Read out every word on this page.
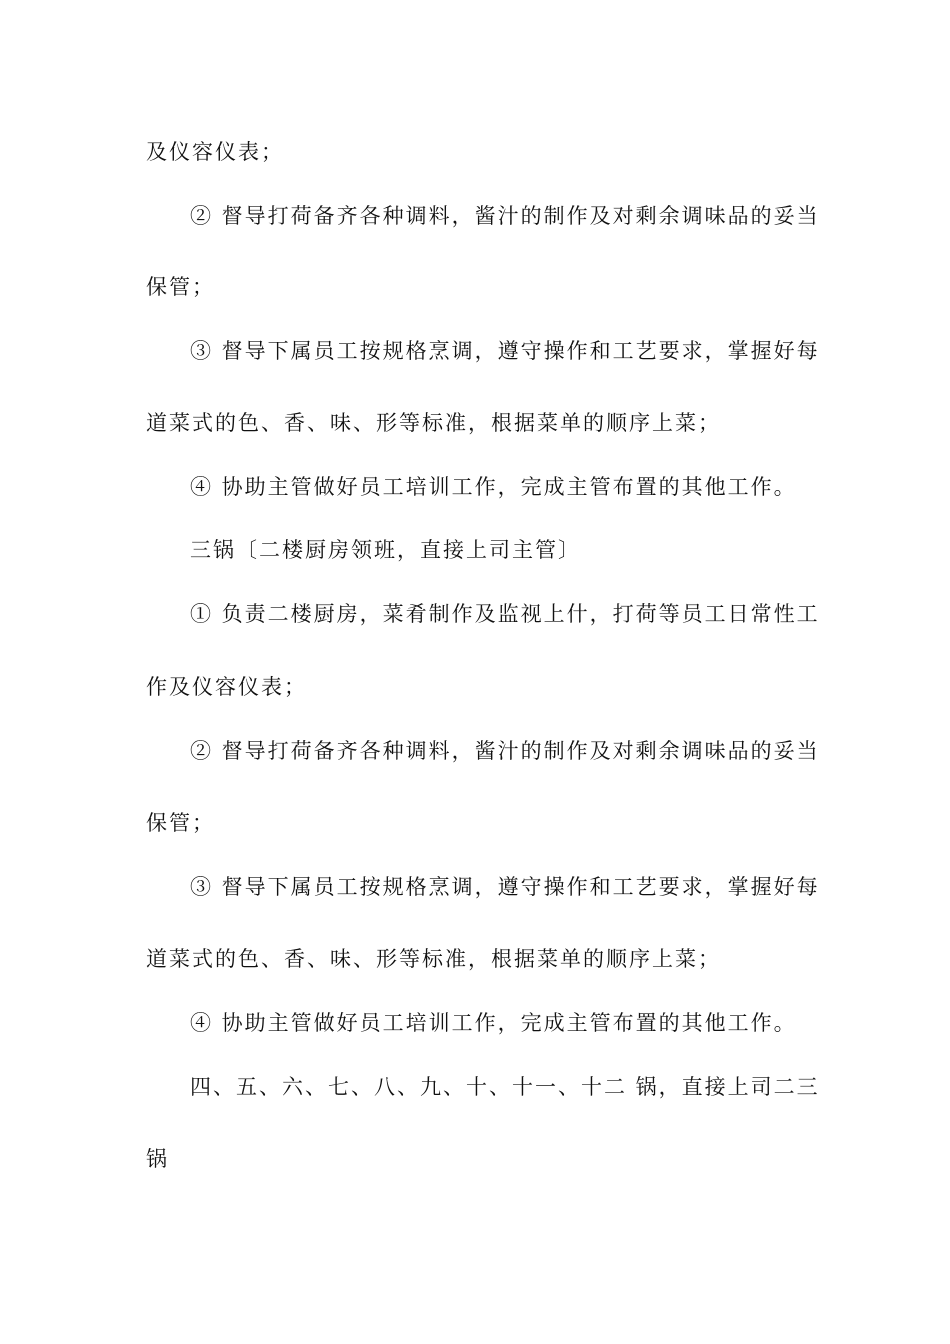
及仪容仪表；
② 督导打荷备齐各种调料，酱汁的制作及对剩余调味品的妥当
保管；
③ 督导下属员工按规格烹调，遵守操作和工艺要求，掌握好每
道菜式的色、香、味、形等标准，根据菜单的顺序上菜；
④ 协助主管做好员工培训工作，完成主管布置的其他工作。
三锅〔二楼厨房领班，直接上司主管〕
① 负责二楼厨房，菜肴制作及监视上什，打荷等员工日常性工
作及仪容仪表；
② 督导打荷备齐各种调料，酱汁的制作及对剩余调味品的妥当
保管；
③ 督导下属员工按规格烹调，遵守操作和工艺要求，掌握好每
道菜式的色、香、味、形等标准，根据菜单的顺序上菜；
④ 协助主管做好员工培训工作，完成主管布置的其他工作。
四、五、六、七、八、九、十、十一、十二 锅，直接上司二三
锅
